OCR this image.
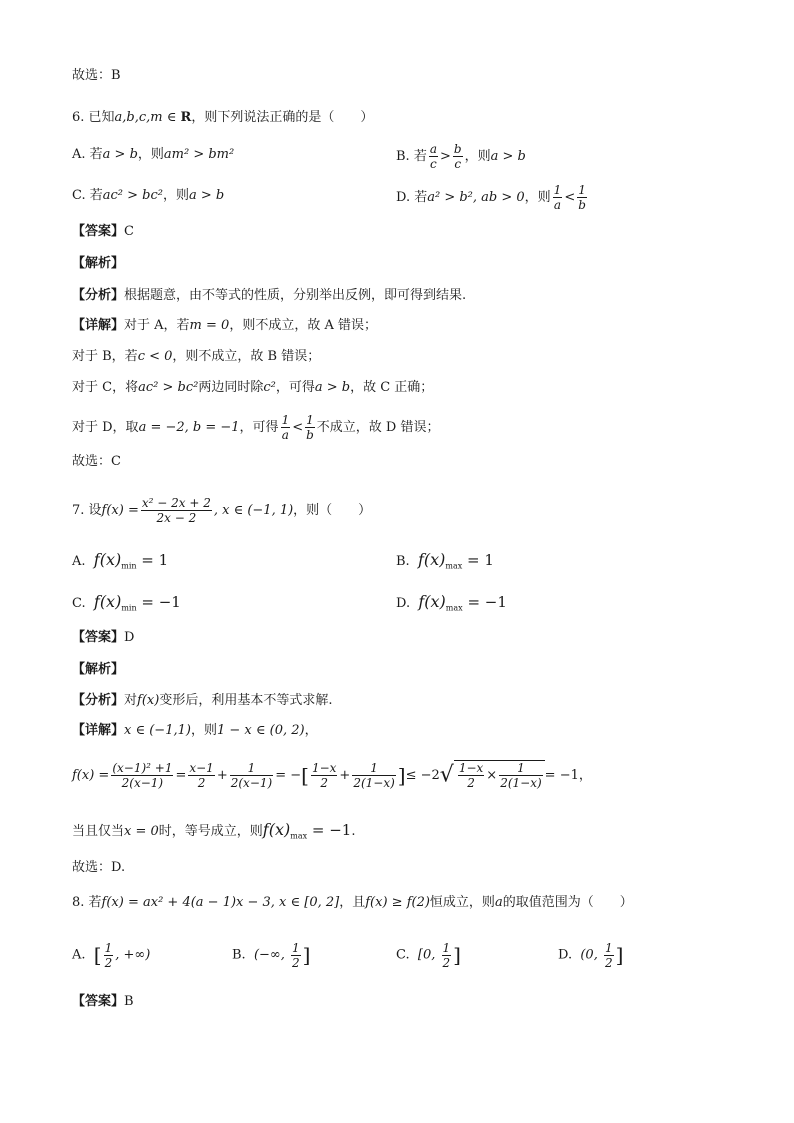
故选：B
6. 已知a,b,c,m ∈ R，则下列说法正确的是（　　）
A. 若a > b，则am² > bm²	B. 若 $\frac{a}{c} > \frac{b}{c}$ ，则a > b
C. 若ac² > bc²，则a > b	D. 若a² > b², ab > 0，则 $\frac{1}{a} < \frac{1}{b}$
【答案】C
【解析】
【分析】根据题意，由不等式的性质，分别举出反例，即可得到结果.
【详解】对于 A，若m = 0，则不成立，故 A 错误；
对于 B，若c < 0，则不成立，故 B 错误；
对于 C，将ac² > bc²两边同时除c²，可得a > b，故 C 正确；
对于 D，取a = −2, b = −1，可得 $\frac{1}{a} < \frac{1}{b}$ 不成立，故 D 错误；
故选：C
7. 设$f(x) = \frac{\text{x² − 2x + 2}}{2x - 2}$ , x ∈ (−1, 1)，则（　　）
A. $f(x)_{min} = 1$	B. $f(x)_{max} = 1$
C. $f(x)_{min} = -1$	D. $f(x)_{max} = -1$
【答案】D
【解析】
【分析】对f(x)变形后，利用基本不等式求解.
【详解】x ∈ (−1,1)，则1 − x ∈ (0, 2)，
$f(x) = \frac{\text{(x−1)² +1}}{2(x-1)} = \frac{x-1}{2} + \frac{1}{2(x-1)}$ = −[ $\frac{1-x}{2} + \frac{1}{2(1-x)}$ ]≤ $-2√ \frac{1-x}{2} \times \frac{1}{2(1-x)} = -1$，
当且仅当x = 0时，等号成立，则$f(x)_{max} = -1$.
故选：D.
8. 若f(x) = ax² + 4(a − 1)x − 3, x ∈ [0, 2]，且f(x) ≥ f(2)恒成立，则a的取值范围为（　　）
A. [ $\frac{1}{2}$ , +∞)	B. (−∞, $\frac{1}{2}$ ]	C. [0, $\frac{1}{2}$ ]	D. (0, $\frac{1}{2}$ ]
【答案】B
